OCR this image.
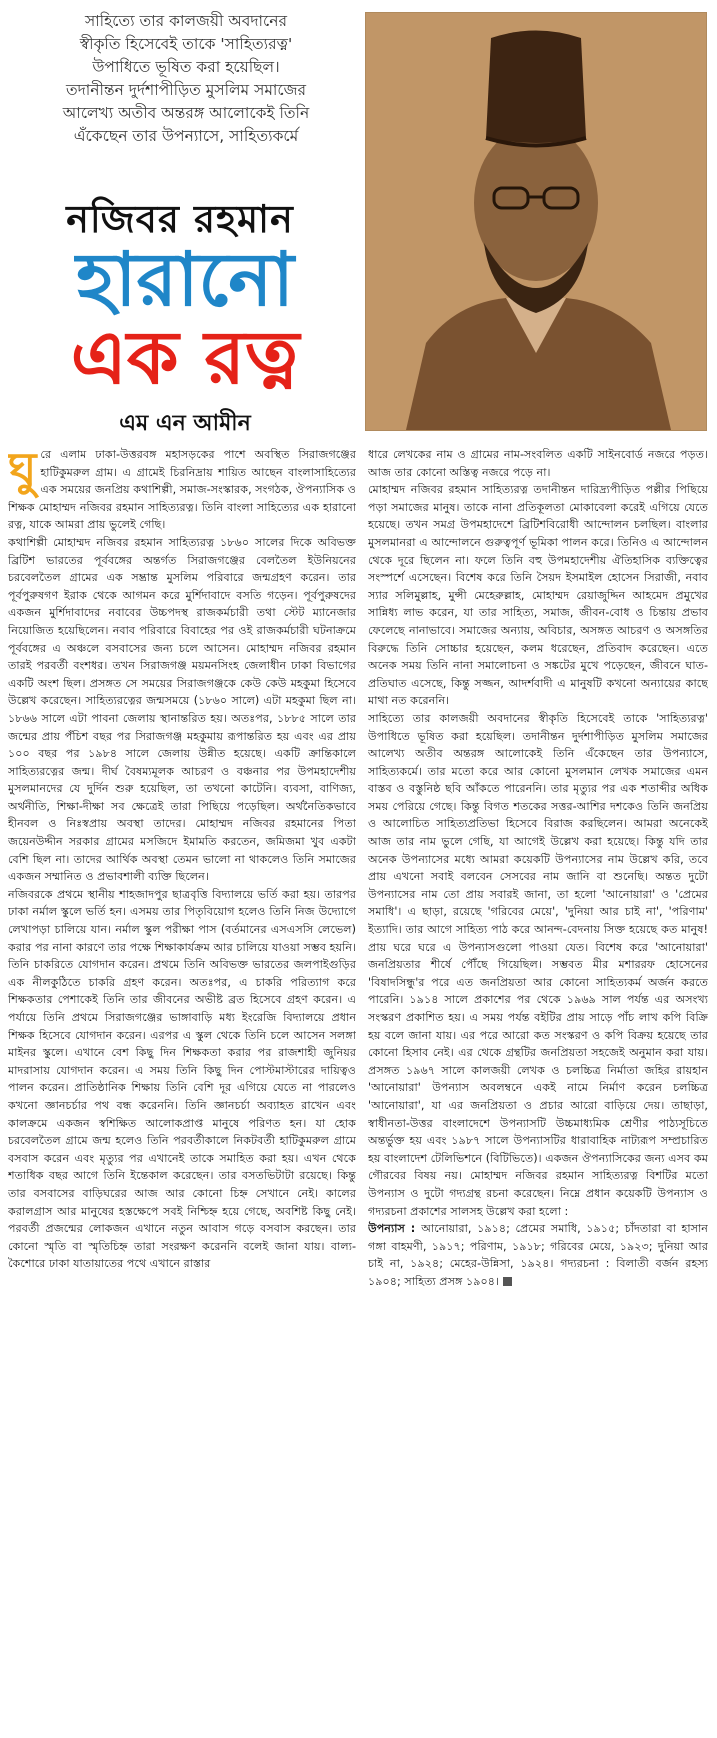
সাহিত্যে তার কালজয়ী অবদানের
স্বীকৃতি হিসেবেই তাকে 'সাহিত্যরত্ন'
উপাধিতে ভূষিত করা হয়েছিল।
তদানীন্তন দুর্দশাপীড়িত মুসলিম সমাজের
আলেখ্য অতীব অন্তরঙ্গ আলোকেই তিনি
এঁকেছেন তার উপন্যাসে, সাহিত্যকর্মে
নজিবর রহমান
হারানো
এক রত্ন
এম এন আমীন

ঘুরে এলাম ঢাকা-উত্তরবঙ্গ মহাসড়কের পাশে অবস্থিত সিরাজগঞ্জের হাটিকুমরুল গ্রাম। এ গ্রামেই চিরনিদ্রায় শায়িত আছেন বাংলাসাহিত্যের এক সময়ের জনপ্রিয় কথাশিল্পী, সমাজ-সংস্কারক, সংগঠক, ঔপন্যাসিক ও শিক্ষক মোহাম্মদ নজিবর রহমান সাহিত্যরত্ন। তিনি বাংলা সাহিত্যের এক হারানো রত্ন, যাকে আমরা প্রায় ভুলেই গেছি।

কথাশিল্পী মোহাম্মদ নজিবর রহমান সাহিত্যরত্ন ১৮৬০ সালের দিকে অবিভক্ত ব্রিটিশ ভারতের পূর্ববঙ্গের অন্তর্গত সিরাজগঞ্জের বেলতৈল ইউনিয়নের চরবেলতৈল গ্রামের এক সম্ভ্রান্ত মুসলিম পরিবারে জন্মগ্রহণ করেন। তার পূর্বপুরুষগণ ইরাক থেকে আগমন করে মুর্শিদাবাদে বসতি গড়েন। পূর্বপুরুষদের একজন মুর্শিদাবাদের নবাবের উচ্চপদস্থ রাজকর্মচারী তথা স্টেট ম্যানেজার নিয়োজিত হয়েছিলেন। নবাব পরিবারে বিবাহের পর ওই রাজকর্মচারী ঘটনাক্রমে পূর্ববঙ্গের এ অঞ্চলে বসবাসের জন্য চলে আসেন। মোহাম্মদ নজিবর রহমান তারই পরবর্তী বংশধর। তখন সিরাজগঞ্জ ময়মনসিংহ জেলাধীন ঢাকা বিভাগের একটি অংশ ছিল। প্রসঙ্গত সে সময়ের সিরাজগঞ্জকে কেউ কেউ মহকুমা হিসেবে উল্লেখ করেছেন। সাহিত্যরত্নের জন্মসময়ে (১৮৬০ সালে) এটা মহকুমা ছিল না। ১৮৬৬ সালে এটা পাবনা জেলায় স্থানান্তরিত হয়। অতঃপর, ১৮৮৫ সালে তার জন্মের প্রায় পঁচিশ বছর পর সিরাজগঞ্জ মহকুমায় রূপান্তরিত হয় এবং এর প্রায় ১০০ বছর পর ১৯৮৪ সালে জেলায় উন্নীত হয়েছে। একটি ক্রান্তিকালে সাহিত্যরত্নের জন্ম। দীর্ঘ বৈষম্যমূলক আচরণ ও বঞ্চনার পর উপমহাদেশীয় মুসলমানদের যে দুর্দিন শুরু হয়েছিল, তা তখনো কাটেনি। ব্যবসা, বাণিজ্য, অর্থনীতি, শিক্ষা-দীক্ষা সব ক্ষেত্রেই তারা পিছিয়ে পড়েছিল। অর্থনৈতিকভাবে হীনবল ও নিঃস্বপ্রায় অবস্থা তাদের। মোহাম্মদ নজিবর রহমানের পিতা জয়েনউদ্দীন সরকার গ্রামের মসজিদে ইমামতি করতেন, জমিজমা খুব একটা বেশি ছিল না। তাদের আর্থিক অবস্থা তেমন ভালো না থাকলেও তিনি সমাজের একজন সম্মানিত ও প্রভাবশালী ব্যক্তি ছিলেন।

নজিবরকে প্রথমে স্থানীয় শাহজাদপুর ছাত্রবৃত্তি বিদ্যালয়ে ভর্তি করা হয়। তারপর ঢাকা নর্মাল স্কুলে ভর্তি হন। এসময় তার পিতৃবিয়োগ হলেও তিনি নিজ উদ্যোগে লেখাপড়া চালিয়ে যান। নর্মাল স্কুল পরীক্ষা পাস (বর্তমানের এসএসসি লেভেল) করার পর নানা কারণে তার পক্ষে শিক্ষাকার্যক্রম আর চালিয়ে যাওয়া সম্ভব হয়নি। তিনি চাকরিতে যোগদান করেন। প্রথমে তিনি অবিভক্ত ভারতের জলপাইগুড়ির এক নীলকুঠিতে চাকরি গ্রহণ করেন। অতঃপর, এ চাকরি পরিত্যাগ করে শিক্ষকতার পেশাকেই তিনি তার জীবনের অভীষ্ট ব্রত হিসেবে গ্রহণ করেন। এ পর্যায়ে তিনি প্রথমে সিরাজগঞ্জের ভাঙ্গাবাড়ি মধ্য ইংরেজি বিদ্যালয়ে প্রধান শিক্ষক হিসেবে যোগদান করেন। এরপর এ স্কুল থেকে তিনি চলে আসেন সলঙ্গা মাইনর স্কুলে। এখানে বেশ কিছু দিন শিক্ষকতা করার পর রাজশাহী জুনিয়র মাদরাসায় যোগদান করেন। এ সময় তিনি কিছু দিন পোস্টমাস্টারের দায়িত্বও পালন করেন। প্রাতিষ্ঠানিক শিক্ষায় তিনি বেশি দূর এগিয়ে যেতে না পারলেও কখনো জ্ঞানচর্চার পথ বন্ধ করেননি। তিনি জ্ঞানচর্চা অব্যাহত রাখেন এবং কালক্রমে একজন স্বশিক্ষিত আলোকপ্রাপ্ত মানুষে পরিণত হন। যা হোক চরবেলতৈল গ্রামে জন্ম হলেও তিনি পরবর্তীকালে নিকটবর্তী হাটিকুমরুল গ্রামে বসবাস করেন এবং মৃত্যুর পর এখানেই তাকে সমাহিত করা হয়। এখন থেকে শতাধিক বছর আগে তিনি ইন্তেকাল করেছেন। তার বসতভিটাটা রয়েছে। কিন্তু তার বসবাসের বাড়িঘরের আজ আর কোনো চিহ্ন সেখানে নেই। কালের করালগ্রাস আর মানুষের হস্তক্ষেপে সবই নিশ্চিহ্ন হয়ে গেছে, অবশিষ্ট কিছু নেই। পরবর্তী প্রজন্মের লোকজন এখানে নতুন আবাস গড়ে বসবাস করছেন। তার কোনো স্মৃতি বা স্মৃতিচিহ্ন তারা সংরক্ষণ করেননি বলেই জানা যায়। বাল্য-কৈশোরে ঢাকা যাতায়াতের পথে এখানে রাস্তার

ধারে লেখকের নাম ও গ্রামের নাম-সংবলিত একটি সাইনবোর্ড নজরে পড়ত। আজ তার কোনো অস্তিত্ব নজরে পড়ে না।

মোহাম্মদ নজিবর রহমান সাহিত্যরত্ন তদানীন্তন দারিদ্র্যপীড়িত পল্লীর পিছিয়ে পড়া সমাজের মানুষ। তাকে নানা প্রতিকূলতা মোকাবেলা করেই এগিয়ে যেতে হয়েছে। তখন সমগ্র উপমহাদেশে ব্রিটিশবিরোধী আন্দোলন চলছিল। বাংলার মুসলমানরা এ আন্দোলনে গুরুত্বপূর্ণ ভূমিকা পালন করে। তিনিও এ আন্দোলন থেকে দূরে ছিলেন না। ফলে তিনি বহু উপমহাদেশীয় ঐতিহাসিক ব্যক্তিত্বের সংস্পর্শে এসেছেন। বিশেষ করে তিনি সৈয়দ ইসমাইল হোসেন সিরাজী, নবাব স্যার সলিমুল্লাহ, মুন্সী মেহেরুল্লাহ, মোহাম্মদ রেয়াজুদ্দিন আহমেদ প্রমুখের সান্নিধ্য লাভ করেন, যা তার সাহিত্য, সমাজ, জীবন-বোধ ও চিন্তায় প্রভাব ফেলেছে নানাভাবে। সমাজের অন্যায়, অবিচার, অসঙ্গত আচরণ ও অসঙ্গতির বিরুদ্ধে তিনি সোচ্চার হয়েছেন, কলম ধরেছেন, প্রতিবাদ করেছেন। এতে অনেক সময় তিনি নানা সমালোচনা ও সঙ্কটের মুখে পড়েছেন, জীবনে ঘাত-প্রতিঘাত এসেছে, কিন্তু সজ্জন, আদর্শবাদী এ মানুষটি কখনো অন্যায়ের কাছে মাথা নত করেননি।

সাহিত্যে তার কালজয়ী অবদানের স্বীকৃতি হিসেবেই তাকে 'সাহিত্যরত্ন' উপাধিতে ভূষিত করা হয়েছিল। তদানীন্তন দুর্দশাপীড়িত মুসলিম সমাজের আলেখ্য অতীব অন্তরঙ্গ আলোকেই তিনি এঁকেছেন তার উপন্যাসে, সাহিত্যকর্মে। তার মতো করে আর কোনো মুসলমান লেখক সমাজের এমন বাস্তব ও বস্তুনিষ্ঠ ছবি আঁকতে পারেননি। তার মৃত্যুর পর এক শতাব্দীর অধিক সময় পেরিয়ে গেছে। কিন্তু বিগত শতকের সত্তর-আশির দশকেও তিনি জনপ্রিয় ও আলোচিত সাহিত্যপ্রতিভা হিসেবে বিরাজ করছিলেন। আমরা অনেকেই আজ তার নাম ভুলে গেছি, যা আগেই উল্লেখ করা হয়েছে। কিন্তু যদি তার অনেক উপন্যাসের মধ্যে আমরা কয়েকটি উপন্যাসের নাম উল্লেখ করি, তবে প্রায় এখনো সবাই বলবেন সেসবের নাম জানি বা শুনেছি। অন্তত দুটো উপন্যাসের নাম তো প্রায় সবারই জানা, তা হলো 'আনোয়ারা' ও 'প্রেমের সমাধি'। এ ছাড়া, রয়েছে 'গরিবের মেয়ে', 'দুনিয়া আর চাই না', 'পরিণাম' ইত্যাদি। তার আগে সাহিত্য পাঠ করে আনন্দ-বেদনায় সিক্ত হয়েছে কত মানুষ! প্রায় ঘরে ঘরে এ উপন্যাসগুলো পাওয়া যেত। বিশেষ করে 'আনোয়ারা' জনপ্রিয়তার শীর্ষে পৌঁছে গিয়েছিল। সম্ভবত মীর মশাররফ হোসেনের 'বিষাদসিন্ধু'র পরে এত জনপ্রিয়তা আর কোনো সাহিত্যকর্ম অর্জন করতে পারেনি। ১৯১৪ সালে প্রকাশের পর থেকে ১৯৬৯ সাল পর্যন্ত এর অসংখ্য সংস্করণ প্রকাশিত হয়। এ সময় পর্যন্ত বইটির প্রায় সাড়ে পাঁচ লাখ কপি বিক্রি হয় বলে জানা যায়। এর পরে আরো কত সংস্করণ ও কপি বিক্রয় হয়েছে তার কোনো হিসাব নেই। এর থেকে গ্রন্থটির জনপ্রিয়তা সহজেই অনুমান করা যায়। প্রসঙ্গত ১৯৬৭ সালে কালজয়ী লেখক ও চলচ্চিত্র নির্মাতা জহির রায়হান 'আনোয়ারা' উপন্যাস অবলম্বনে একই নামে নির্মাণ করেন চলচ্চিত্র 'আনোয়ারা', যা এর জনপ্রিয়তা ও প্রচার আরো বাড়িয়ে দেয়। তাছাড়া, স্বাধীনতা-উত্তর বাংলাদেশে উপন্যাসটি উচ্চমাধ্যমিক শ্রেণীর পাঠ্যসূচিতে অন্তর্ভুক্ত হয় এবং ১৯৮৭ সালে উপন্যাসটির ধারাবাহিক নাট্যরূপ সম্প্রচারিত হয় বাংলাদেশ টেলিভিশনে (বিটিভিতে)। একজন ঔপন্যাসিকের জন্য এসব কম গৌরবের বিষয় নয়। মোহাম্মদ নজিবর রহমান সাহিত্যরত্ন বিশটির মতো উপন্যাস ও দুটো গদ্যগ্রন্থ রচনা করেছেন। নিম্নে প্রধান কয়েকটি উপন্যাস ও গদ্যরচনা প্রকাশের সালসহ উল্লেখ করা হলো :

উপন্যাস : আনোয়ারা, ১৯১৪; প্রেমের সমাধি, ১৯১৫; চাঁদতারা বা হাসান গঙ্গা বাহমণী, ১৯১৭; পরিণাম, ১৯১৮; গরিবের মেয়ে, ১৯২৩; দুনিয়া আর চাই না, ১৯২৪; মেহের-উন্নিসা, ১৯২৪। গদ্যরচনা : বিলাতী বর্জন রহস্য ১৯০৪; সাহিত্য প্রসঙ্গ ১৯০৪।
